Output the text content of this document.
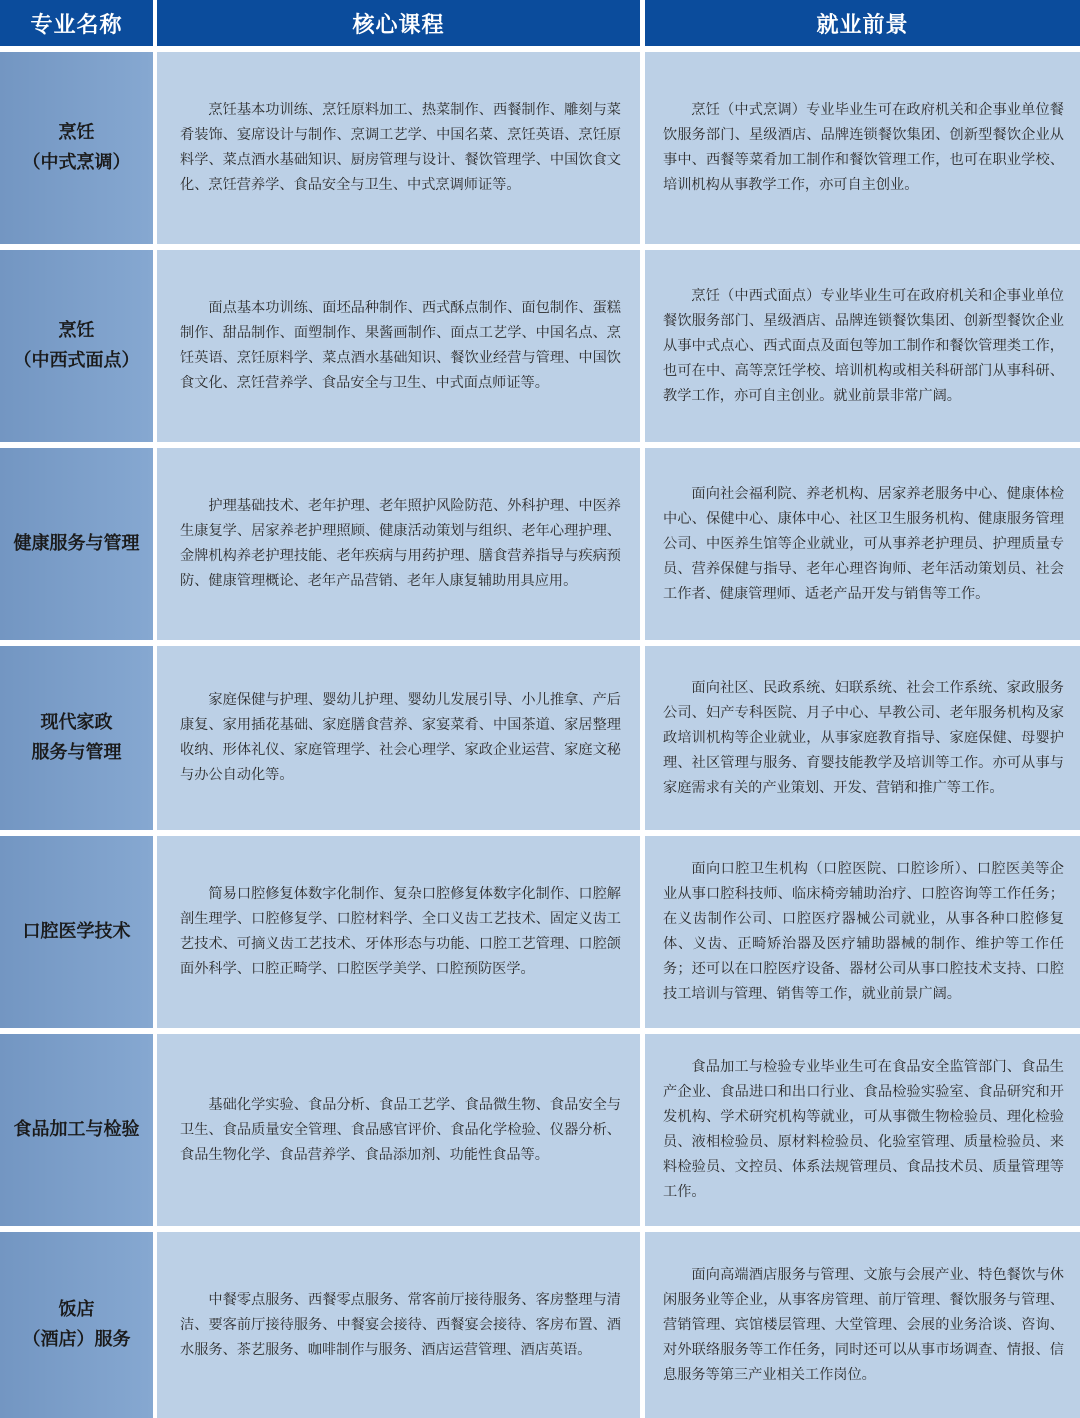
专业名称	核心课程	就业前景
烹饪
（中式烹调）

烹饪基本功训练、烹饪原料加工、热菜制作、西餐制作、雕刻与菜肴装饰、宴席设计与制作、烹调工艺学、中国名菜、烹饪英语、烹饪原料学、菜点酒水基础知识、厨房管理与设计、餐饮管理学、中国饮食文化、烹饪营养学、食品安全与卫生、中式烹调师证等。

烹饪（中式烹调）专业毕业生可在政府机关和企事业单位餐饮服务部门、星级酒店、品牌连锁餐饮集团、创新型餐饮企业从事中、西餐等菜肴加工制作和餐饮管理工作，也可在职业学校、培训机构从事教学工作，亦可自主创业。

烹饪
（中西式面点）

面点基本功训练、面坯品种制作、西式酥点制作、面包制作、蛋糕制作、甜品制作、面塑制作、果酱画制作、面点工艺学、中国名点、烹饪英语、烹饪原料学、菜点酒水基础知识、餐饮业经营与管理、中国饮食文化、烹饪营养学、食品安全与卫生、中式面点师证等。

烹饪（中西式面点）专业毕业生可在政府机关和企事业单位餐饮服务部门、星级酒店、品牌连锁餐饮集团、创新型餐饮企业从事中式点心、西式面点及面包等加工制作和餐饮管理类工作，也可在中、高等烹饪学校、培训机构或相关科研部门从事科研、教学工作，亦可自主创业。就业前景非常广阔。

健康服务与管理

护理基础技术、老年护理、老年照护风险防范、外科护理、中医养生康复学、居家养老护理照顾、健康活动策划与组织、老年心理护理、金牌机构养老护理技能、老年疾病与用药护理、膳食营养指导与疾病预防、健康管理概论、老年产品营销、老年人康复辅助用具应用。

面向社会福利院、养老机构、居家养老服务中心、健康体检中心、保健中心、康体中心、社区卫生服务机构、健康服务管理公司、中医养生馆等企业就业，可从事养老护理员、护理质量专员、营养保健与指导、老年心理咨询师、老年活动策划员、社会工作者、健康管理师、适老产品开发与销售等工作。

现代家政
服务与管理

家庭保健与护理、婴幼儿护理、婴幼儿发展引导、小儿推拿、产后康复、家用插花基础、家庭膳食营养、家宴菜肴、中国茶道、家居整理收纳、形体礼仪、家庭管理学、社会心理学、家政企业运营、家庭文秘与办公自动化等。

面向社区、民政系统、妇联系统、社会工作系统、家政服务公司、妇产专科医院、月子中心、早教公司、老年服务机构及家政培训机构等企业就业，从事家庭教育指导、家庭保健、母婴护理、社区管理与服务、育婴技能教学及培训等工作。亦可从事与家庭需求有关的产业策划、开发、营销和推广等工作。

口腔医学技术

简易口腔修复体数字化制作、复杂口腔修复体数字化制作、口腔解剖生理学、口腔修复学、口腔材料学、全口义齿工艺技术、固定义齿工艺技术、可摘义齿工艺技术、牙体形态与功能、口腔工艺管理、口腔颌面外科学、口腔正畸学、口腔医学美学、口腔预防医学。

面向口腔卫生机构（口腔医院、口腔诊所）、口腔医美等企业从事口腔科技师、临床椅旁辅助治疗、口腔咨询等工作任务；在义齿制作公司、口腔医疗器械公司就业，从事各种口腔修复体、义齿、正畸矫治器及医疗辅助器械的制作、维护等工作任务；还可以在口腔医疗设备、器材公司从事口腔技术支持、口腔技工培训与管理、销售等工作，就业前景广阔。

食品加工与检验

基础化学实验、食品分析、食品工艺学、食品微生物、食品安全与卫生、食品质量安全管理、食品感官评价、食品化学检验、仪器分析、食品生物化学、食品营养学、食品添加剂、功能性食品等。

食品加工与检验专业毕业生可在食品安全监管部门、食品生产企业、食品进口和出口行业、食品检验实验室、食品研究和开发机构、学术研究机构等就业，可从事微生物检验员、理化检验员、液相检验员、原材料检验员、化验室管理、质量检验员、来料检验员、文控员、体系法规管理员、食品技术员、质量管理等工作。

饭店
（酒店）服务

中餐零点服务、西餐零点服务、常客前厅接待服务、客房整理与清洁、要客前厅接待服务、中餐宴会接待、西餐宴会接待、客房布置、酒水服务、茶艺服务、咖啡制作与服务、酒店运营管理、酒店英语。

面向高端酒店服务与管理、文旅与会展产业、特色餐饮与休闲服务业等企业，从事客房管理、前厅管理、餐饮服务与管理、营销管理、宾馆楼层管理、大堂管理、会展的业务洽谈、咨询、对外联络服务等工作任务，同时还可以从事市场调查、情报、信息服务等第三产业相关工作岗位。
